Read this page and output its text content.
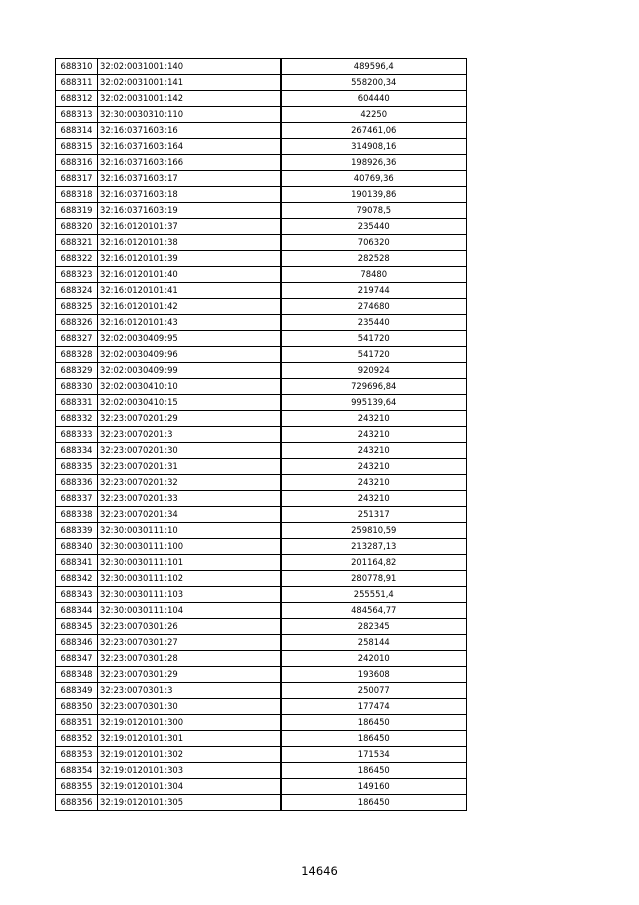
688310	32:02:0031001:140	489596,4
688311	32:02:0031001:141	558200,34
688312	32:02:0031001:142	604440
688313	32:30:0030310:110	42250
688314	32:16:0371603:16	267461,06
688315	32:16:0371603:164	314908,16
688316	32:16:0371603:166	198926,36
688317	32:16:0371603:17	40769,36
688318	32:16:0371603:18	190139,86
688319	32:16:0371603:19	79078,5
688320	32:16:0120101:37	235440
688321	32:16:0120101:38	706320
688322	32:16:0120101:39	282528
688323	32:16:0120101:40	78480
688324	32:16:0120101:41	219744
688325	32:16:0120101:42	274680
688326	32:16:0120101:43	235440
688327	32:02:0030409:95	541720
688328	32:02:0030409:96	541720
688329	32:02:0030409:99	920924
688330	32:02:0030410:10	729696,84
688331	32:02:0030410:15	995139,64
688332	32:23:0070201:29	243210
688333	32:23:0070201:3	243210
688334	32:23:0070201:30	243210
688335	32:23:0070201:31	243210
688336	32:23:0070201:32	243210
688337	32:23:0070201:33	243210
688338	32:23:0070201:34	251317
688339	32:30:0030111:10	259810,59
688340	32:30:0030111:100	213287,13
688341	32:30:0030111:101	201164,82
688342	32:30:0030111:102	280778,91
688343	32:30:0030111:103	255551,4
688344	32:30:0030111:104	484564,77
688345	32:23:0070301:26	282345
688346	32:23:0070301:27	258144
688347	32:23:0070301:28	242010
688348	32:23:0070301:29	193608
688349	32:23:0070301:3	250077
688350	32:23:0070301:30	177474
688351	32:19:0120101:300	186450
688352	32:19:0120101:301	186450
688353	32:19:0120101:302	171534
688354	32:19:0120101:303	186450
688355	32:19:0120101:304	149160
688356	32:19:0120101:305	186450
14646
